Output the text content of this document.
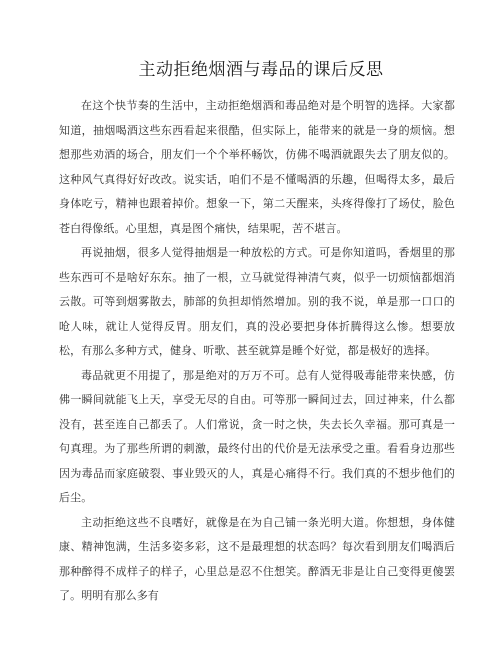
主动拒绝烟酒与毒品的课后反思

在这个快节奏的生活中，主动拒绝烟酒和毒品绝对是个明智的选择。大家都知道，抽烟喝酒这些东西看起来很酷，但实际上，能带来的就是一身的烦恼。想想那些劝酒的场合，朋友们一个个举杯畅饮，仿佛不喝酒就跟失去了朋友似的。这种风气真得好好改改。说实话，咱们不是不懂喝酒的乐趣，但喝得太多，最后身体吃亏，精神也跟着掉价。想象一下，第二天醒来，头疼得像打了场仗，脸色苍白得像纸。心里想，真是图个痛快，结果呢，苦不堪言。

再说抽烟，很多人觉得抽烟是一种放松的方式。可是你知道吗，香烟里的那些东西可不是啥好东东。抽了一根，立马就觉得神清气爽，似乎一切烦恼都烟消云散。可等到烟雾散去，肺部的负担却悄然增加。别的我不说，单是那一口口的呛人味，就让人觉得反胃。朋友们，真的没必要把身体折腾得这么惨。想要放松，有那么多种方式，健身、听歌、甚至就算是睡个好觉，都是极好的选择。

毒品就更不用提了，那是绝对的万万不可。总有人觉得吸毒能带来快感，仿佛一瞬间就能飞上天，享受无尽的自由。可等那一瞬间过去，回过神来，什么都没有，甚至连自己都丢了。人们常说，贪一时之快，失去长久幸福。那可真是一句真理。为了那些所谓的刺激，最终付出的代价是无法承受之重。看看身边那些因为毒品而家庭破裂、事业毁灭的人，真是心痛得不行。我们真的不想步他们的后尘。

主动拒绝这些不良嗜好，就像是在为自己铺一条光明大道。你想想，身体健康、精神饱满，生活多姿多彩，这不是最理想的状态吗？每次看到朋友们喝酒后那种醉得不成样子的样子，心里总是忍不住想笑。醉酒无非是让自己变得更傻罢了。明明有那么多有
